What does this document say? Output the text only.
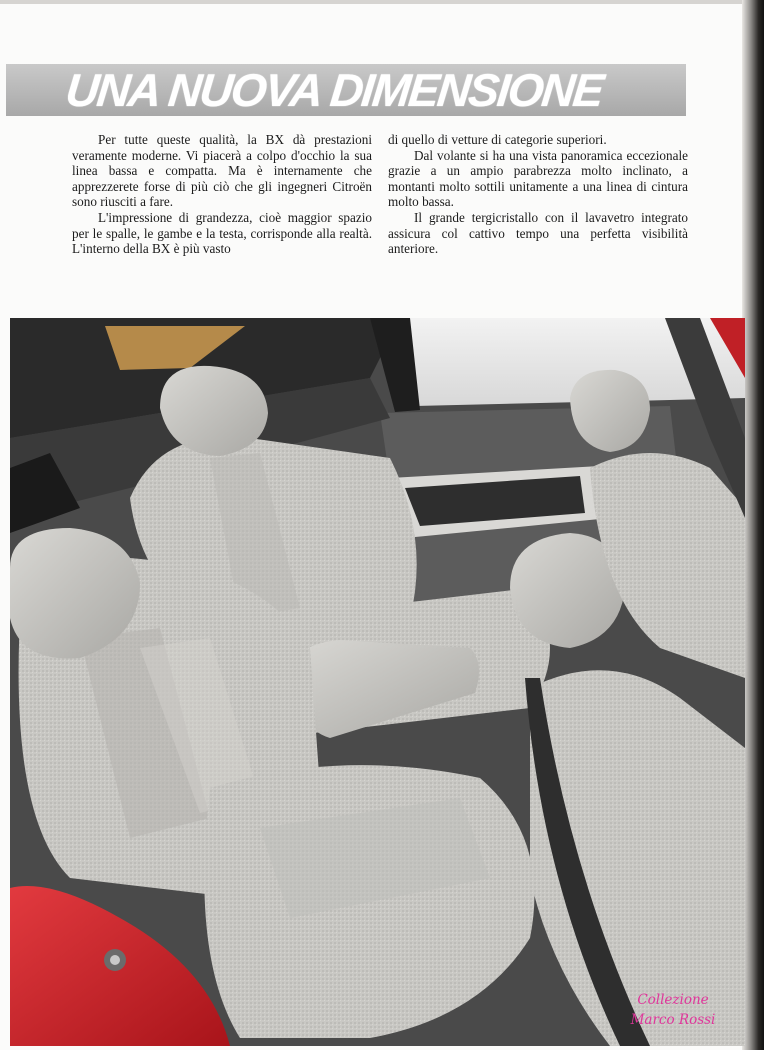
UNA NUOVA DIMENSIONE

Per tutte queste qualità, la BX dà prestazioni veramente moderne. Vi piacerà a colpo d'occhio la sua linea bassa e compatta. Ma è internamente che apprezzerete forse di più ciò che gli ingegneri Citroën sono riusciti a fare.

L'impressione di grandezza, cioè maggior spazio per le spalle, le gambe e la testa, corrisponde alla realtà. L'interno della BX è più vasto

di quello di vetture di categorie superiori.

Dal volante si ha una vista panoramica eccezionale grazie a un ampio parabrezza molto inclinato, a montanti molto sottili unitamente a una linea di cintura molto bassa.

Il grande tergicristallo con il lavavetro integrato assicura col cattivo tempo una perfetta visibilità anteriore.

Collezione
Marco Rossi
